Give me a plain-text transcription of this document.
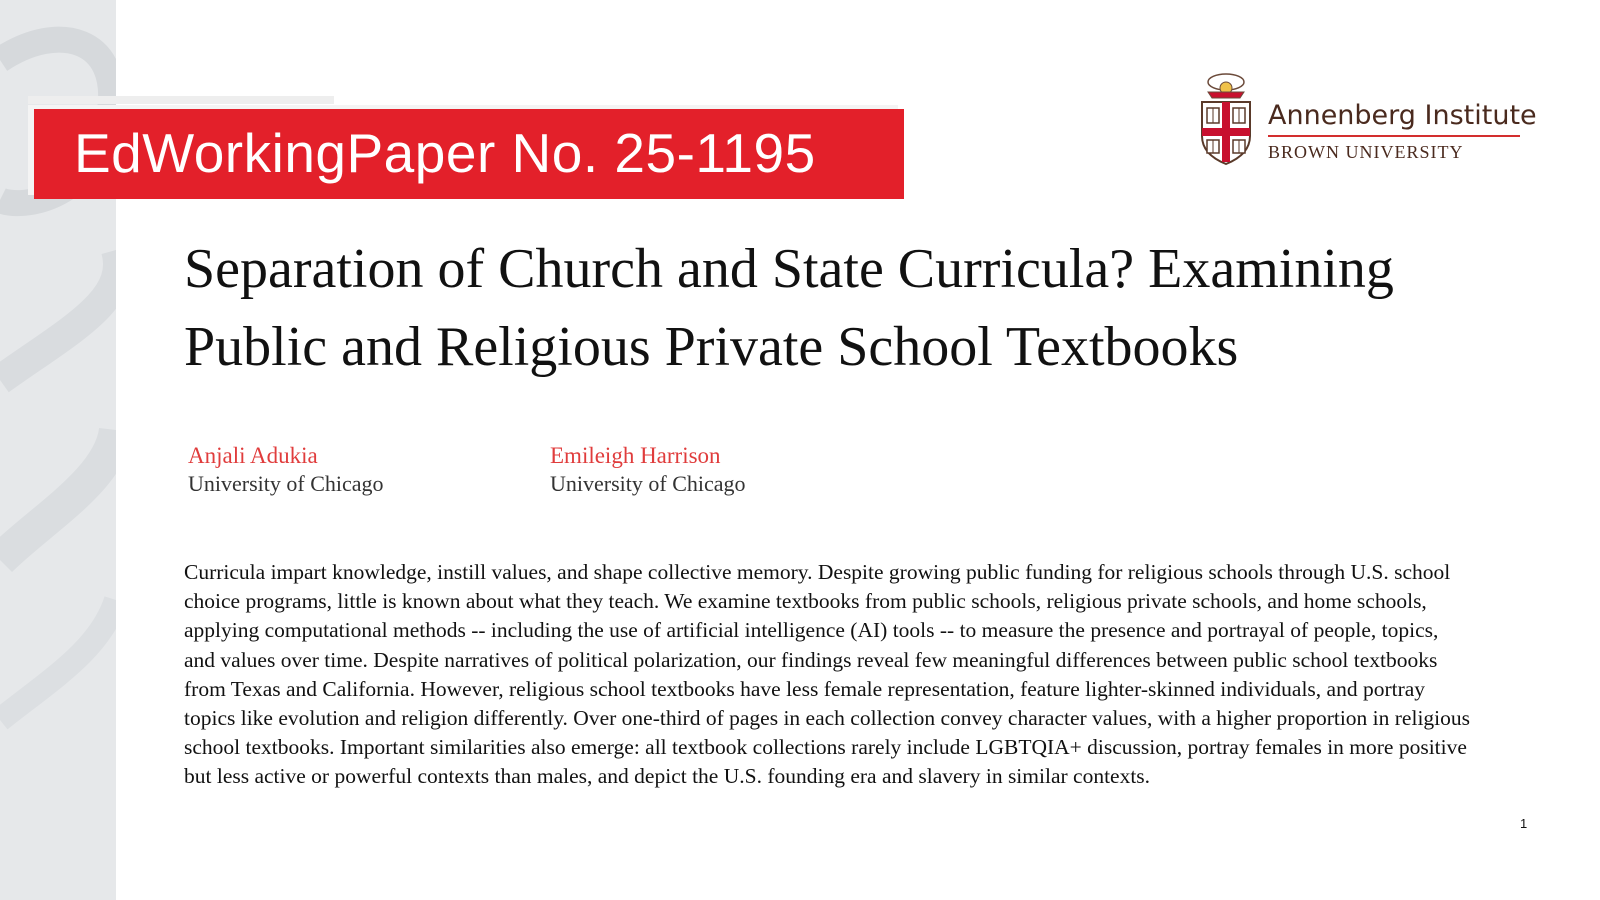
EdWorkingPaper No. 25-1195
Annenberg Institute
BROWN UNIVERSITY
Separation of Church and State Curricula? Examining Public and Religious Private School Textbooks
Anjali Adukia
University of Chicago
Emileigh Harrison
University of Chicago

Curricula impart knowledge, instill values, and shape collective memory. Despite growing public funding for religious schools through U.S. school choice programs, little is known about what they teach. We examine textbooks from public schools, religious private schools, and home schools, applying computational methods -- including the use of artificial intelligence (AI) tools -- to measure the presence and portrayal of people, topics, and values over time. Despite narratives of political polarization, our findings reveal few meaningful differences between public school textbooks from Texas and California. However, religious school textbooks have less female representation, feature lighter-skinned individuals, and portray topics like evolution and religion differently. Over one-third of pages in each collection convey character values, with a higher proportion in religious school textbooks. Important similarities also emerge: all textbook collections rarely include LGBTQIA+ discussion, portray females in more positive but less active or powerful contexts than males, and depict the U.S. founding era and slavery in similar contexts.

1
